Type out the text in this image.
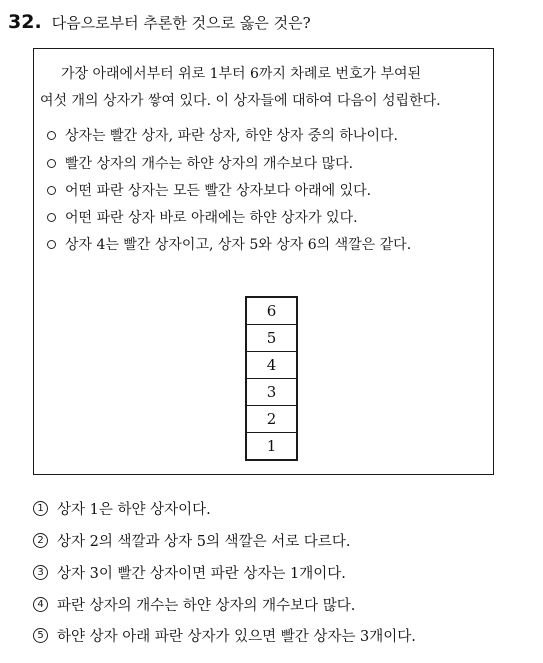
32. 다음으로부터 추론한 것으로 옳은 것은?
가장 아래에서부터 위로 1부터 6까지 차례로 번호가 부여된
여섯 개의 상자가 쌓여 있다. 이 상자들에 대하여 다음이 성립한다.
상자는 빨간 상자, 파란 상자, 하얀 상자 중의 하나이다.
빨간 상자의 개수는 하얀 상자의 개수보다 많다.
어떤 파란 상자는 모든 빨간 상자보다 아래에 있다.
어떤 파란 상자 바로 아래에는 하얀 상자가 있다.
상자 4는 빨간 상자이고, 상자 5와 상자 6의 색깔은 같다.
6
5
4
3
2
1
1 상자 1은 하얀 상자이다.
2 상자 2의 색깔과 상자 5의 색깔은 서로 다르다.
3 상자 3이 빨간 상자이면 파란 상자는 1개이다.
4 파란 상자의 개수는 하얀 상자의 개수보다 많다.
5 하얀 상자 아래 파란 상자가 있으면 빨간 상자는 3개이다.
